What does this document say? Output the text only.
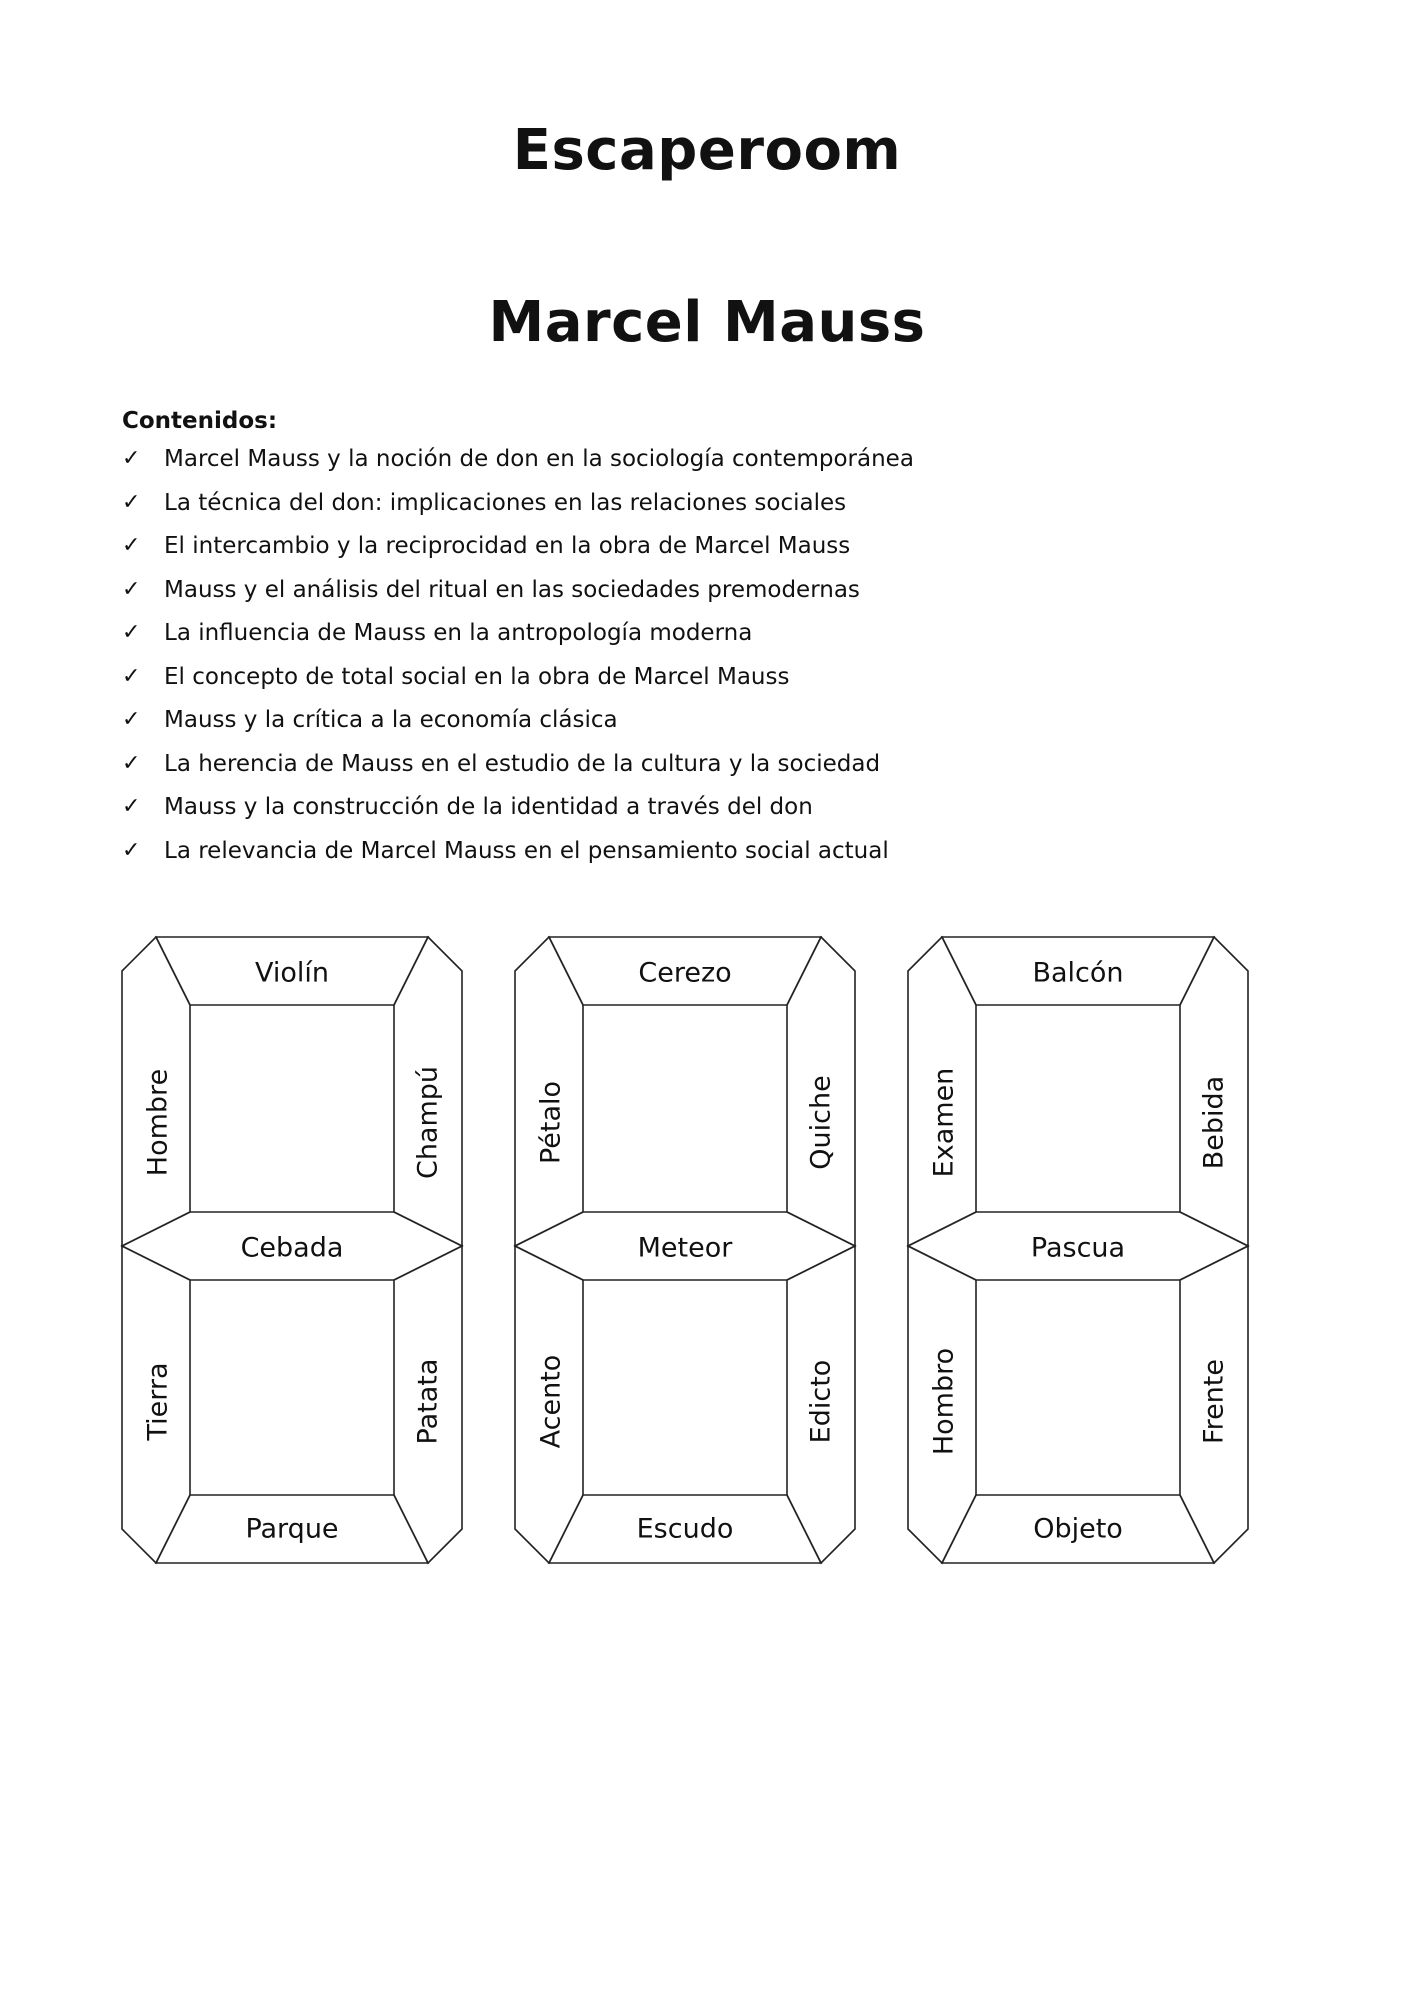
Escaperoom
Marcel Mauss

Contenidos:

✓ Marcel Mauss y la noción de don en la sociología contemporánea
✓ La técnica del don: implicaciones en las relaciones sociales
✓ El intercambio y la reciprocidad en la obra de Marcel Mauss
✓ Mauss y el análisis del ritual en las sociedades premodernas
✓ La influencia de Mauss en la antropología moderna
✓ El concepto de total social en la obra de Marcel Mauss
✓ Mauss y la crítica a la economía clásica
✓ La herencia de Mauss en el estudio de la cultura y la sociedad
✓ Mauss y la construcción de la identidad a través del don
✓ La relevancia de Marcel Mauss en el pensamiento social actual
Violín
Cebada
Parque
Hombre	Champú
Tierra	Patata
Cerezo
Meteor
Escudo
Pétalo	Quiche
Acento	Edicto
Balcón
Pascua
Objeto
Examen	Bebida
Hombro	Frente
